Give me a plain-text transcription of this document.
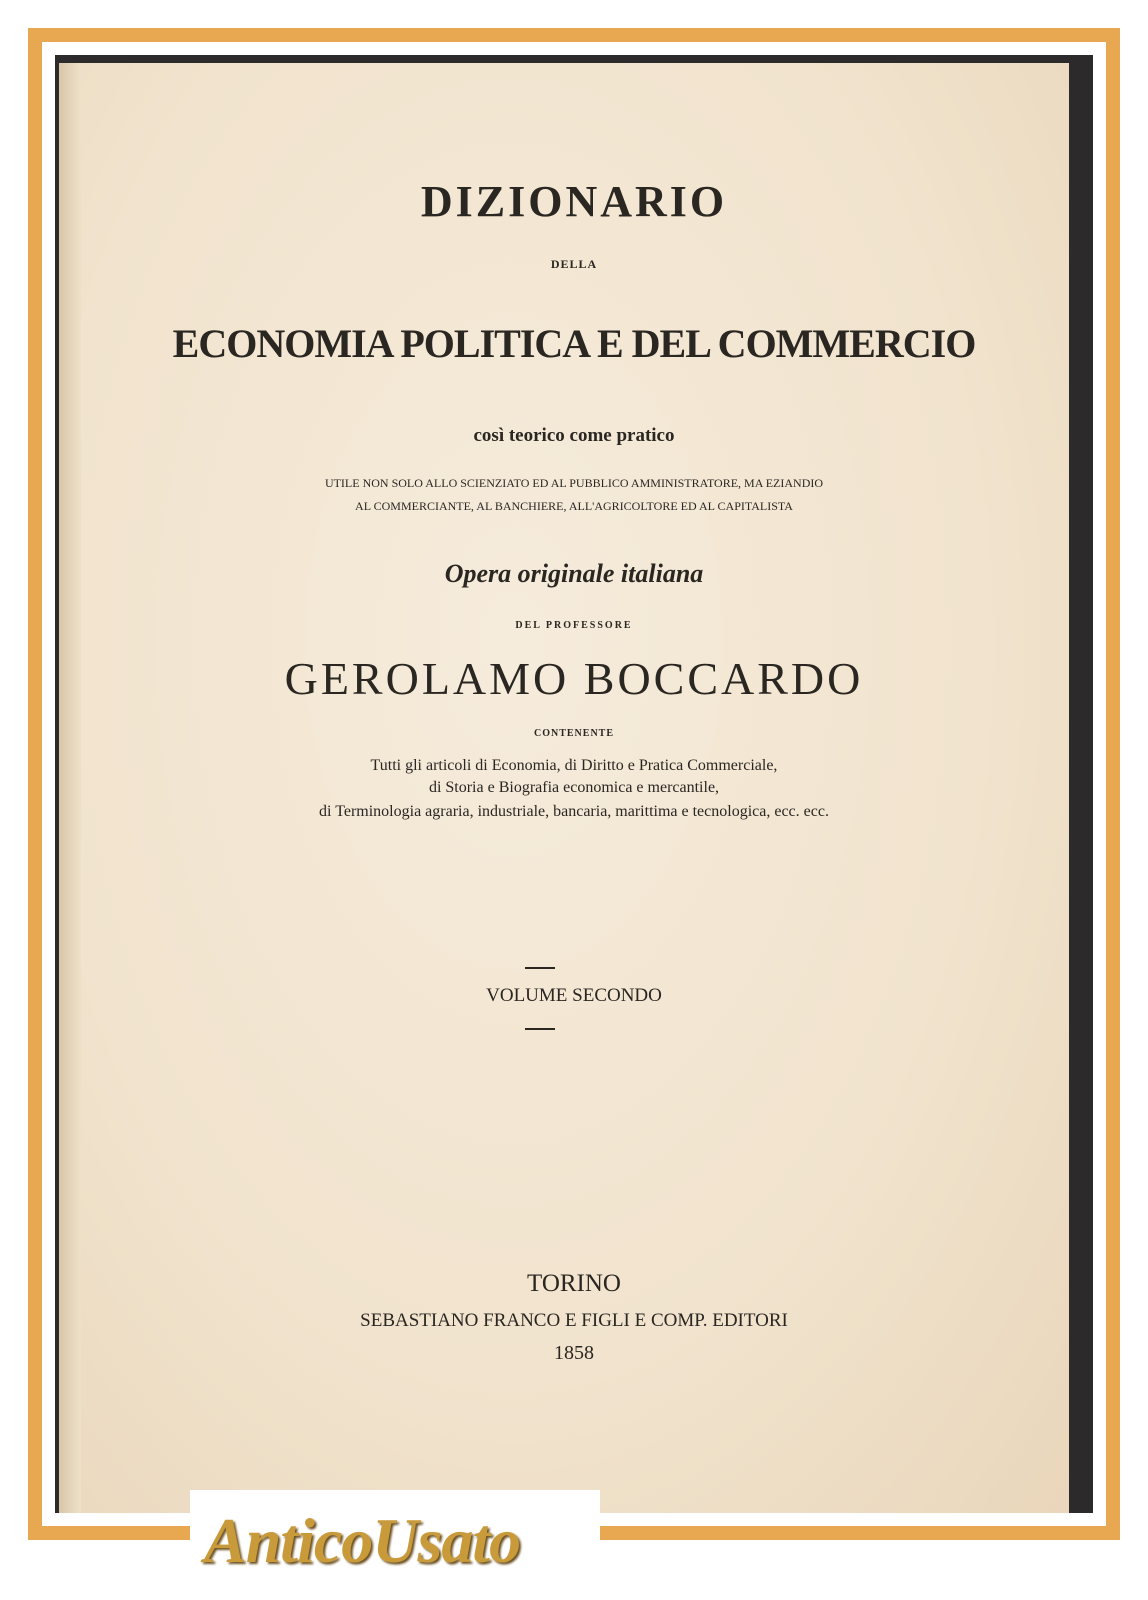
DIZIONARIO
DELLA
ECONOMIA POLITICA E DEL COMMERCIO
così teorico come pratico
UTILE NON SOLO ALLO SCIENZIATO ED AL PUBBLICO AMMINISTRATORE, MA EZIANDIO
AL COMMERCIANTE, AL BANCHIERE, ALL'AGRICOLTORE ED AL CAPITALISTA
Opera originale italiana
DEL PROFESSORE
GEROLAMO BOCCARDO
CONTENENTE
Tutti gli articoli di Economia, di Diritto e Pratica Commerciale,
di Storia e Biografia economica e mercantile,
di Terminologia agraria, industriale, bancaria, marittima e tecnologica, ecc. ecc.
VOLUME SECONDO
TORINO
SEBASTIANO FRANCO E FIGLI E COMP. EDITORI
1858
AnticoUsato
